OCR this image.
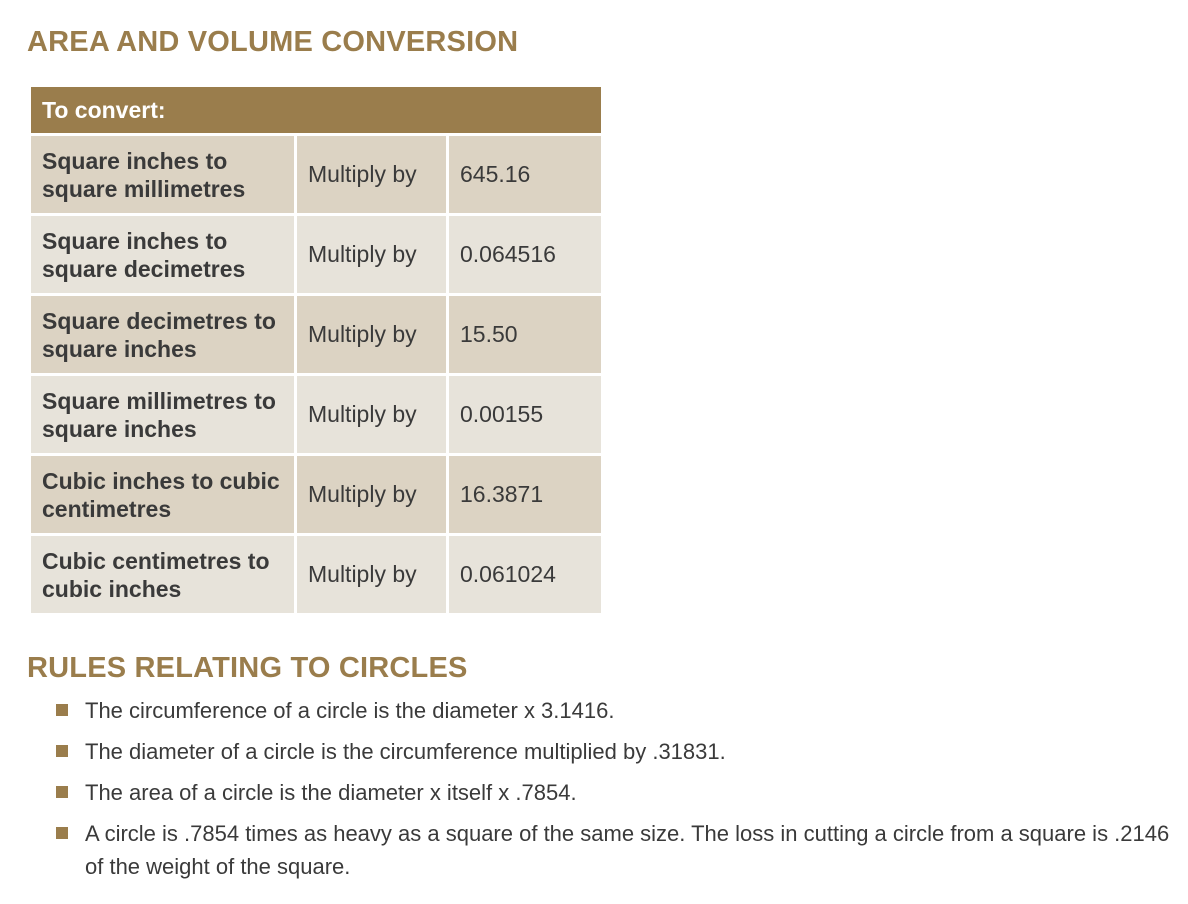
AREA AND VOLUME CONVERSION
To convert:		
Square inches to square millimetres	Multiply by	645.16
Square inches to square decimetres	Multiply by	0.064516
Square decimetres to square inches	Multiply by	15.50
Square millimetres to square inches	Multiply by	0.00155
Cubic inches to cubic centimetres	Multiply by	16.3871
Cubic centimetres to cubic inches	Multiply by	0.061024
RULES RELATING TO CIRCLES
The circumference of a circle is the diameter x 3.1416.
The diameter of a circle is the circumference multiplied by .31831.
The area of a circle is the diameter x itself x .7854.
A circle is .7854 times as heavy as a square of the same size. The loss in cutting a circle from a square is .2146 of the weight of the square.
